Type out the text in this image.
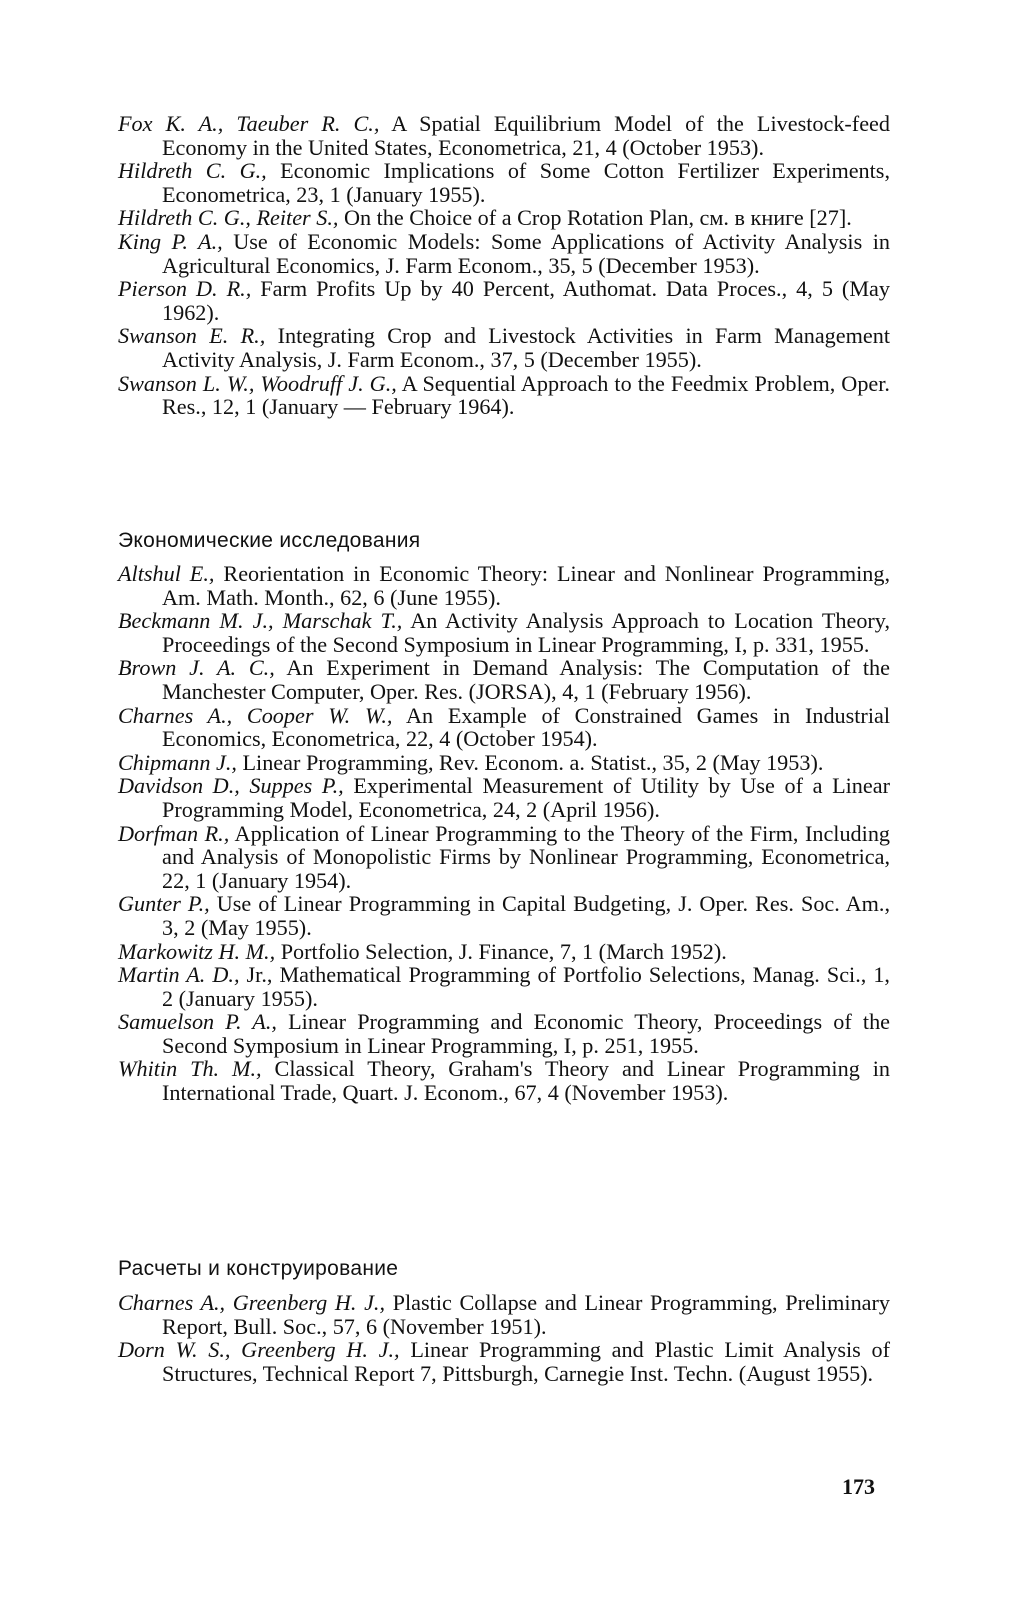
Fox K. A., Taeuber R. C., A Spatial Equilibrium Model of the Livestock-feed Economy in the United States, Econometrica, 21, 4 (October 1953).

Hildreth C. G., Economic Implications of Some Cotton Fertilizer Experiments, Econometrica, 23, 1 (January 1955).

Hildreth C. G., Reiter S., On the Choice of a Crop Rotation Plan, см. в книге [27].

King P. A., Use of Economic Models: Some Applications of Activity Analysis in Agricultural Economics, J. Farm Econom., 35, 5 (December 1953).

Pierson D. R., Farm Profits Up by 40 Percent, Authomat. Data Proces., 4, 5 (May 1962).

Swanson E. R., Integrating Crop and Livestock Activities in Farm Management Activity Analysis, J. Farm Econom., 37, 5 (December 1955).

Swanson L. W., Woodruff J. G., A Sequential Approach to the Feedmix Problem, Oper. Res., 12, 1 (January — February 1964).

Экономические исследования

Altshul E., Reorientation in Economic Theory: Linear and Nonlinear Programming, Am. Math. Month., 62, 6 (June 1955).

Beckmann M. J., Marschak T., An Activity Analysis Approach to Location Theory, Proceedings of the Second Symposium in Linear Programming, I, p. 331, 1955.

Brown J. A. C., An Experiment in Demand Analysis: The Computation of the Manchester Computer, Oper. Res. (JORSA), 4, 1 (February 1956).

Charnes A., Cooper W. W., An Example of Constrained Games in Industrial Economics, Econometrica, 22, 4 (October 1954).

Chipmann J., Linear Programming, Rev. Econom. a. Statist., 35, 2 (May 1953).

Davidson D., Suppes P., Experimental Measurement of Utility by Use of a Linear Programming Model, Econometrica, 24, 2 (April 1956).

Dorfman R., Application of Linear Programming to the Theory of the Firm, Including and Analysis of Monopolistic Firms by Nonlinear Programming, Econometrica, 22, 1 (January 1954).

Gunter P., Use of Linear Programming in Capital Budgeting, J. Oper. Res. Soc. Am., 3, 2 (May 1955).

Markowitz H. M., Portfolio Selection, J. Finance, 7, 1 (March 1952).

Martin A. D., Jr., Mathematical Programming of Portfolio Selections, Manag. Sci., 1, 2 (January 1955).

Samuelson P. A., Linear Programming and Economic Theory, Proceedings of the Second Symposium in Linear Programming, I, p. 251, 1955.

Whitin Th. M., Classical Theory, Graham's Theory and Linear Programming in International Trade, Quart. J. Econom., 67, 4 (November 1953).

Расчеты и конструирование

Charnes A., Greenberg H. J., Plastic Collapse and Linear Programming, Preliminary Report, Bull. Soc., 57, 6 (November 1951).

Dorn W. S., Greenberg H. J., Linear Programming and Plastic Limit Analysis of Structures, Technical Report 7, Pittsburgh, Carnegie Inst. Techn. (August 1955).

173
